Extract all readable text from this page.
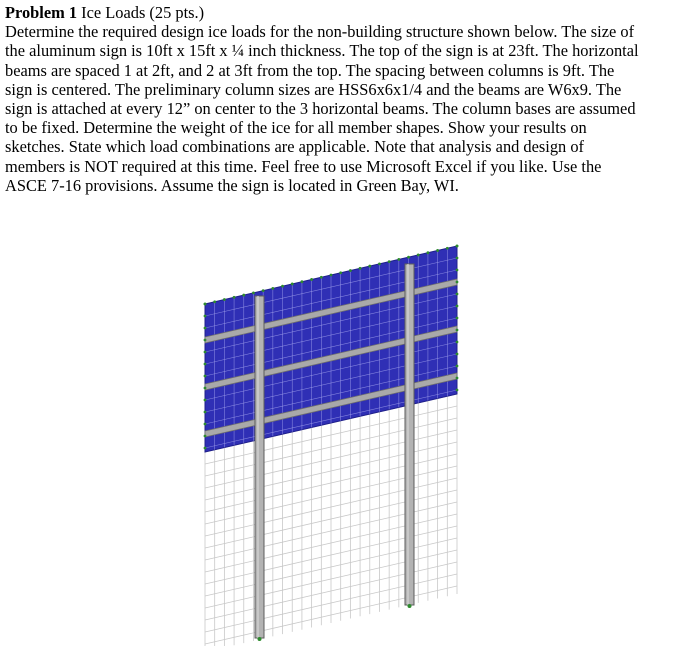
Problem 1 Ice Loads (25 pts.)
Determine the required design ice loads for the non-building structure shown below. The size of
the aluminum sign is 10ft x 15ft x ¼ inch thickness. The top of the sign is at 23ft. The horizontal
beams are spaced 1 at 2ft, and 2 at 3ft from the top. The spacing between columns is 9ft. The
sign is centered. The preliminary column sizes are HSS6x6x1/4 and the beams are W6x9. The
sign is attached at every 12” on center to the 3 horizontal beams. The column bases are assumed
to be fixed. Determine the weight of the ice for all member shapes. Show your results on
sketches. State which load combinations are applicable. Note that analysis and design of
members is NOT required at this time. Feel free to use Microsoft Excel if you like. Use the
ASCE 7-16 provisions. Assume the sign is located in Green Bay, WI.
